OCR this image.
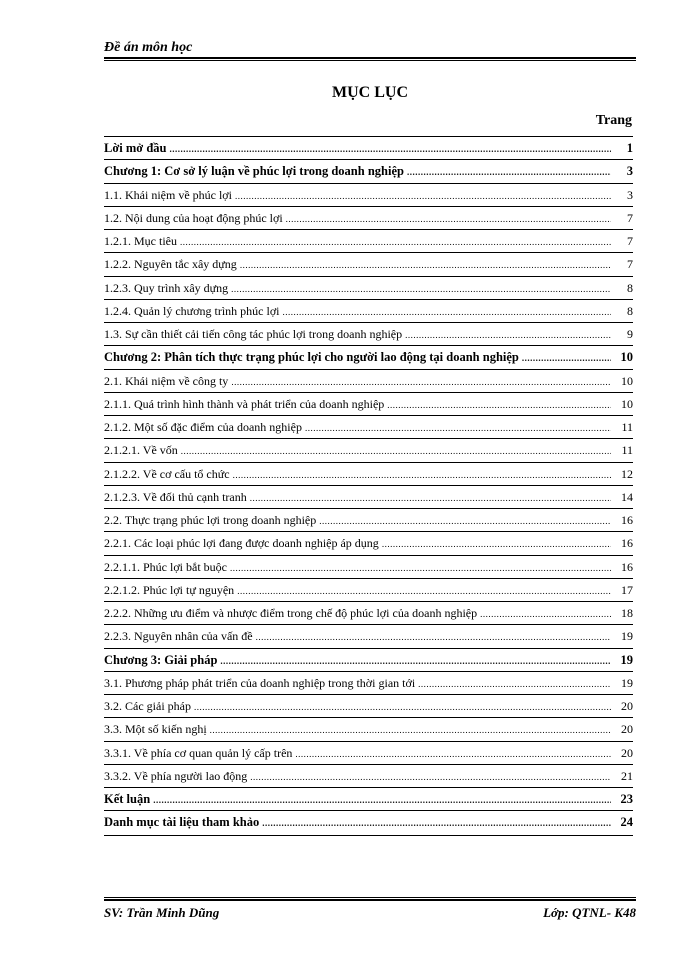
Đề án môn học
MỤC LỤC
Trang
Lời mở đầu .....	1
Chương 1: Cơ sở lý luận về phúc lợi trong doanh nghiệp .....	3
1.1. Khái niệm về phúc lợi .....	3
1.2. Nội dung của hoạt động phúc lợi .....	7
1.2.1. Mục tiêu .....	7
1.2.2. Nguyên tắc xây dựng .....	7
1.2.3. Quy trình xây dựng .....	8
1.2.4. Quản lý chương trình phúc lợi .....	8
1.3. Sự cần thiết cải tiến công tác phúc lợi trong doanh nghiệp .....	9
Chương 2: Phân tích thực trạng phúc lợi cho người lao động tại doanh nghiệp .....	10
2.1. Khái niệm về công ty .....	10
2.1.1. Quá trình hình thành và phát triển của doanh nghiệp .....	10
2.1.2. Một số đặc điểm của doanh nghiệp .....	11
2.1.2.1. Về vốn .....	11
2.1.2.2. Về cơ cấu tổ chức .....	12
2.1.2.3. Về đối thủ cạnh tranh .....	14
2.2. Thực trạng phúc lợi trong doanh nghiệp .....	16
2.2.1. Các loại phúc lợi đang được doanh nghiệp áp dụng .....	16
2.2.1.1. Phúc lợi bắt buộc .....	16
2.2.1.2. Phúc lợi tự nguyện .....	17
2.2.2. Những ưu điểm và nhược điểm trong chế độ phúc lợi của doanh nghiệp .....	18
2.2.3. Nguyên nhân của vấn đề .....	19
Chương 3: Giải pháp .....	19
3.1. Phương pháp phát triển của doanh nghiệp trong thời gian tới .....	19
3.2. Các giải pháp .....	20
3.3. Một số kiến nghị .....	20
3.3.1. Về phía cơ quan quản lý cấp trên .....	20
3.3.2. Về phía người lao động .....	21
Kết luận .....	23
Danh mục tài liệu tham khảo .....	24
SV: Trần Minh Dũng	Lớp: QTNL- K48
